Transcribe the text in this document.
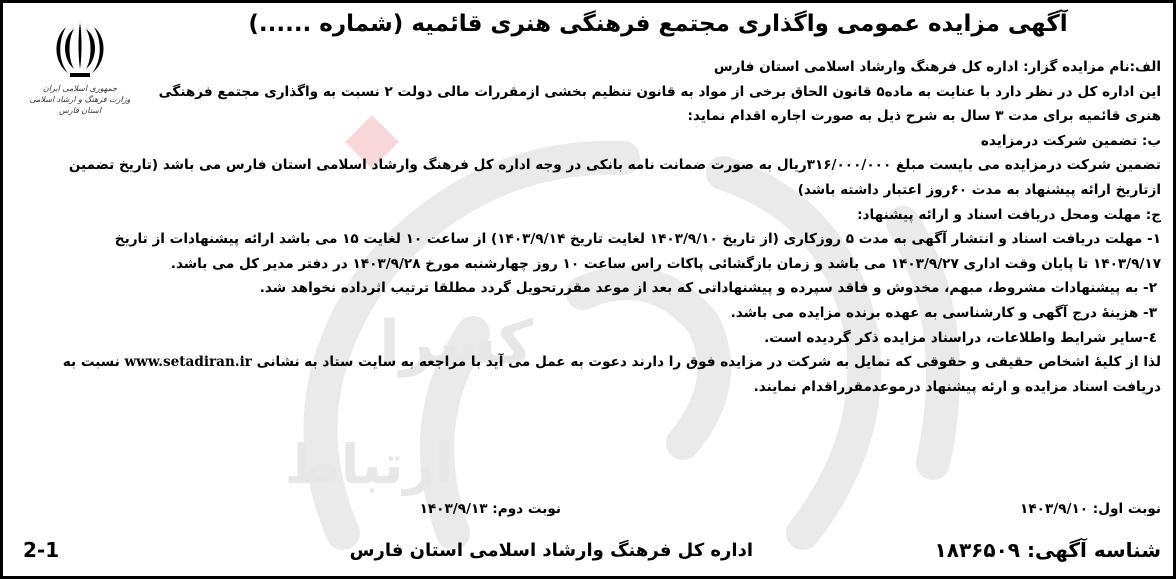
کسرا
ارتباط
جمهوری اسلامی ایران
وزارت فرهنگ و ارشاد اسلامی
استان فارس
آگهی مزایده عمومی واگذاری مجتمع فرهنگی هنری قائمیه (شماره ......)
الف:نام مزایده گزار: اداره کل فرهنگ وارشاد اسلامی استان فارس
این اداره کل در نظر دارد با عنایت به ماده۵ قانون الحاق برخی از مواد به قانون تنظیم بخشی ازمقررات مالی دولت ۲ نسبت به واگذاری مجتمع فرهنگی
هنری قائمیه برای مدت ۳ سال به شرح ذیل به صورت اجاره اقدام نماید:
ب: تضمین شرکت درمزایده
تضمین شرکت درمزایده می بایست مبلغ ۳۱۶/۰۰۰/۰۰۰ریال به صورت ضمانت نامه بانکی در وجه اداره کل فرهنگ وارشاد اسلامی استان فارس می باشد (تاریخ تضمین
ازتاریخ ارائه پیشنهاد به مدت ۶۰روز اعتبار داشته باشد)
ج: مهلت ومحل دریافت اسناد و ارائه پیشنهاد:
۱- مهلت دریافت اسناد و انتشار آگهی به مدت ۵ روزکاری (از تاریخ ۱۴۰۳/۹/۱۰ لغایت تاریخ ۱۴۰۳/۹/۱۴) از ساعت ۱۰ لغایت ۱۵ می باشد ارائه پیشنهادات از تاریخ
۱۴۰۳/۹/۱۷ تا پایان وقت اداری ۱۴۰۳/۹/۲۷ می باشد و زمان بازگشائی پاکات راس ساعت ۱۰ روز چهارشنبه مورخ ۱۴۰۳/۹/۲۸ در دفتر مدیر کل می باشد.
۲- به پیشنهادات مشروط، مبهم، مخدوش و فاقد سپرده و پیشنهاداتی که بعد از موعد مقررتحویل گردد مطلقا ترتیب اثرداده نخواهد شد.
۳- هزینۀ درج آگهی و کارشناسی به عهده برنده مزایده می باشد.
٤-سایر شرایط واطلاعات، دراسناد مزایده ذکر گردیده است.
لذا از کلیۀ اشخاص حقیقی و حقوقی که تمایل به شرکت در مزایده فوق را دارند دعوت به عمل می آید با مراجعه به سایت ستاد به نشانی www.setadiran.ir نسبت به
دریافت اسناد مزایده و ارئه پیشنهاد درموعدمقرراقدام نمایند.
نوبت اول: ۱۴۰۳/۹/۱۰
نوبت دوم: ۱۴۰۳/۹/۱۳
شناسه آگهی: ۱۸۳۶۵۰۹
اداره کل فرهنگ وارشاد اسلامی استان فارس
2-1
